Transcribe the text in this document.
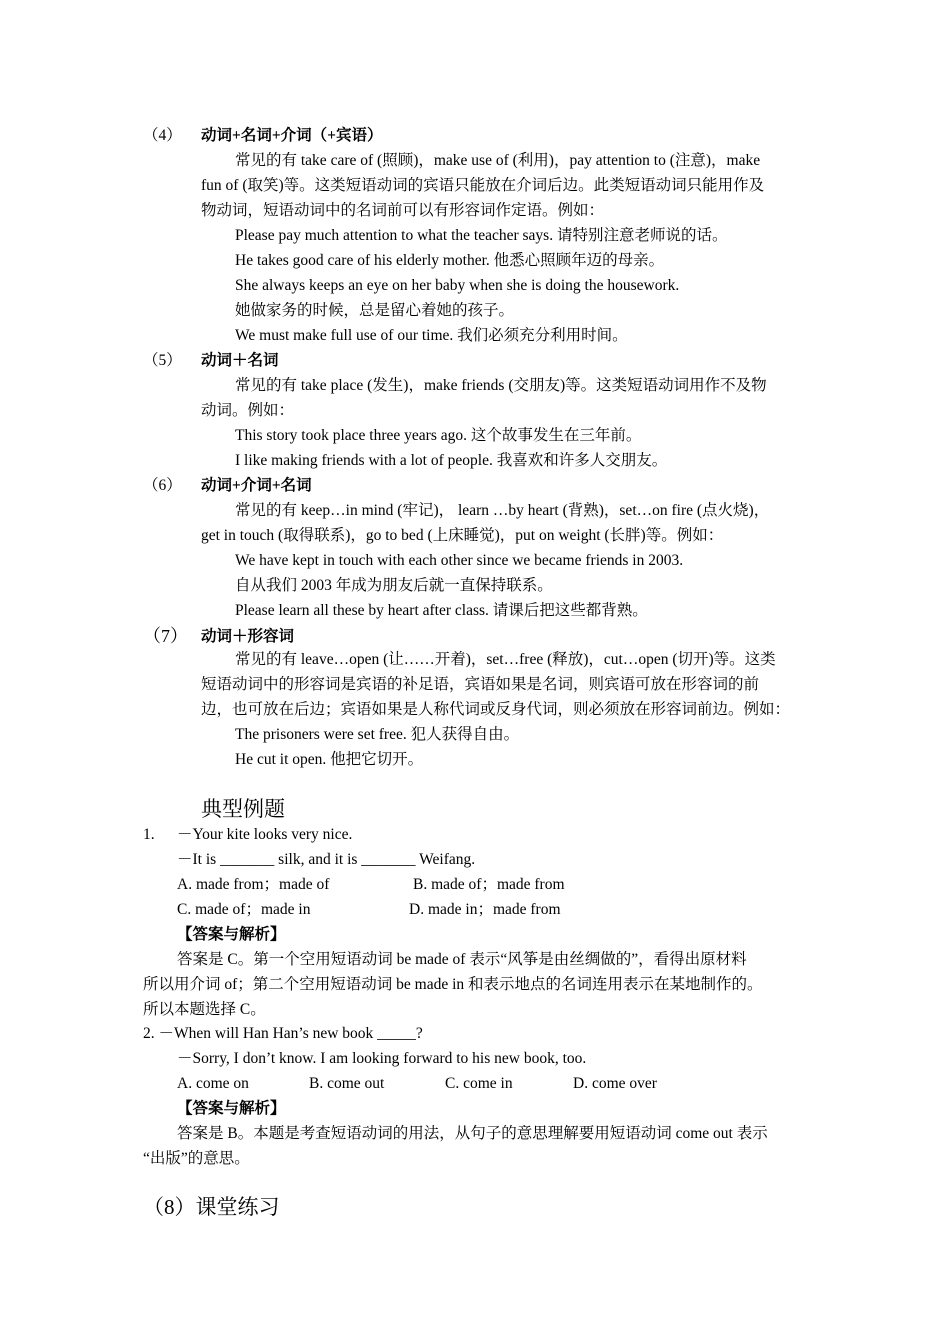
（4） 动词+名词+介词（+宾语）
常见的有 take care of (照顾)，make use of (利用)，pay attention to (注意)，make
fun of (取笑)等。这类短语动词的宾语只能放在介词后边。此类短语动词只能用作及
物动词，短语动词中的名词前可以有形容词作定语。例如：
Please pay much attention to what the teacher says. 请特别注意老师说的话。
He takes good care of his elderly mother. 他悉心照顾年迈的母亲。
She always keeps an eye on her baby when she is doing the housework.
她做家务的时候，总是留心着她的孩子。
We must make full use of our time. 我们必须充分利用时间。
（5） 动词＋名词
常见的有 take place (发生)，make friends (交朋友)等。这类短语动词用作不及物
动词。例如：
This story took place three years ago. 这个故事发生在三年前。
I like making friends with a lot of people. 我喜欢和许多人交朋友。
（6） 动词+介词+名词
常见的有 keep…in mind (牢记)， learn …by heart (背熟)，set…on fire (点火烧)，
get in touch (取得联系)，go to bed (上床睡觉)，put on weight (长胖)等。例如：
We have kept in touch with each other since we became friends in 2003.
自从我们 2003 年成为朋友后就一直保持联系。
Please learn all these by heart after class. 请课后把这些都背熟。
（7） 动词＋形容词
常见的有 leave…open (让……开着)，set…free (释放)，cut…open (切开)等。这类
短语动词中的形容词是宾语的补足语，宾语如果是名词，则宾语可放在形容词的前
边，也可放在后边；宾语如果是人称代词或反身代词，则必须放在形容词前边。例如：
The prisoners were set free. 犯人获得自由。
He cut it open. 他把它切开。
典型例题
1. －Your kite looks very nice.
－It is _______ silk, and it is _______ Weifang.
A. made from；made of	B. made of；made from
C. made of；made in	D. made in；made from
【答案与解析】
答案是 C。第一个空用短语动词 be made of 表示“风筝是由丝绸做的”，看得出原材料
所以用介词 of；第二个空用短语动词 be made in 和表示地点的名词连用表示在某地制作的。
所以本题选择 C。
2. －When will Han Han’s new book _____?
－Sorry, I don’t know. I am looking forward to his new book, too.
A. come on	B. come out	C. come in	D. come over
【答案与解析】
答案是 B。本题是考查短语动词的用法，从句子的意思理解要用短语动词 come out 表示
“出版”的意思。
（8）课堂练习
